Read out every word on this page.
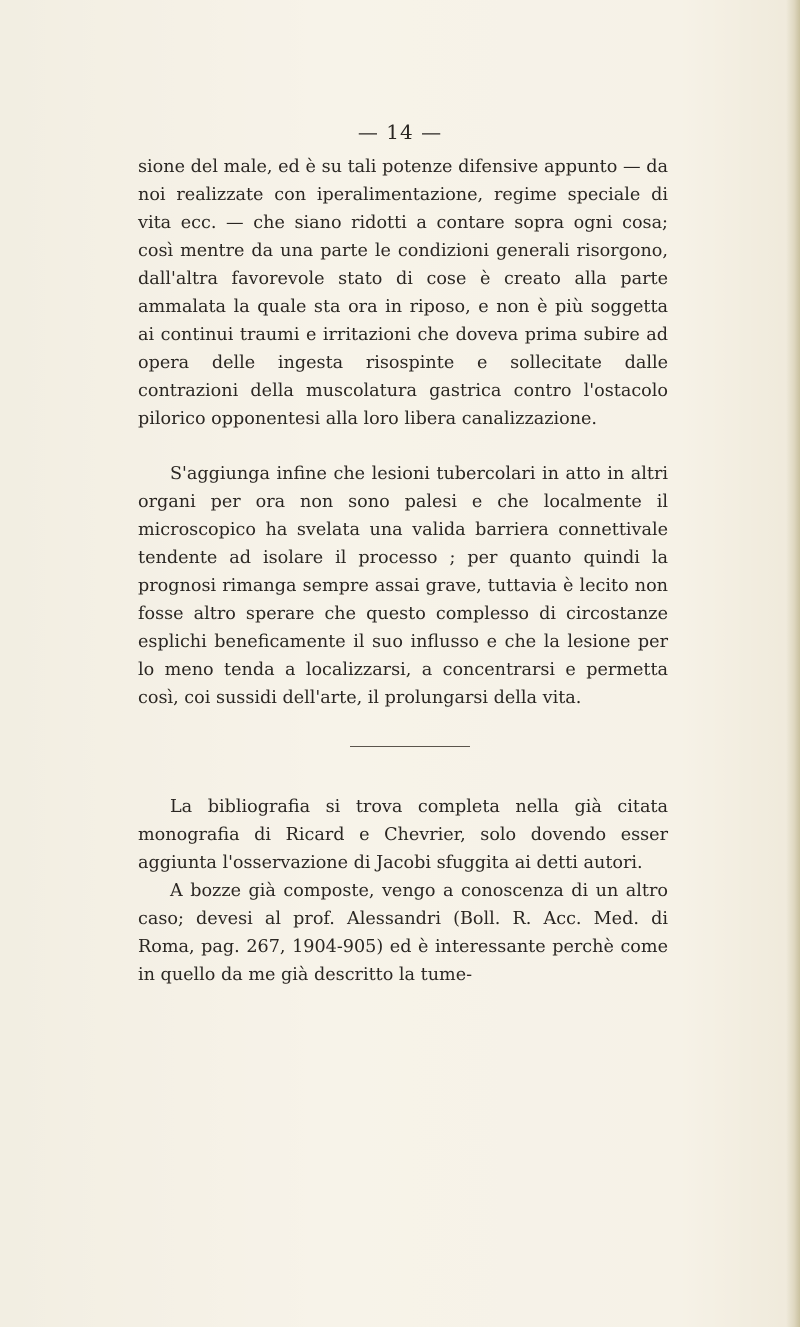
— 14 —

sione del male, ed è su tali potenze difensive appunto — da noi realizzate con iperalimentazione, regime speciale di vita ecc. — che siano ridotti a contare sopra ogni cosa; così mentre da una parte le condizioni generali risorgono, dall'altra favorevole stato di cose è creato alla parte ammalata la quale sta ora in riposo, e non è più soggetta ai continui traumi e irritazioni che doveva prima subire ad opera delle ingesta risospinte e sollecitate dalle contrazioni della muscolatura gastrica contro l'ostacolo pilorico opponentesi alla loro libera canalizzazione.

S'aggiunga infine che lesioni tubercolari in atto in altri organi per ora non sono palesi e che localmente il microscopico ha svelata una valida barriera connettivale tendente ad isolare il processo ; per quanto quindi la prognosi rimanga sempre assai grave, tuttavia è lecito non fosse altro sperare che questo complesso di circostanze esplichi beneficamente il suo influsso e che la lesione per lo meno tenda a localizzarsi, a concentrarsi e permetta così, coi sussidi dell'arte, il prolungarsi della vita.

La bibliografia si trova completa nella già citata monografia di Ricard e Chevrier, solo dovendo esser aggiunta l'osservazione di Jacobi sfuggita ai detti autori.

A bozze già composte, vengo a conoscenza di un altro caso; devesi al prof. Alessandri (Boll. R. Acc. Med. di Roma, pag. 267, 1904-905) ed è interessante perchè come in quello da me già descritto la tume-
